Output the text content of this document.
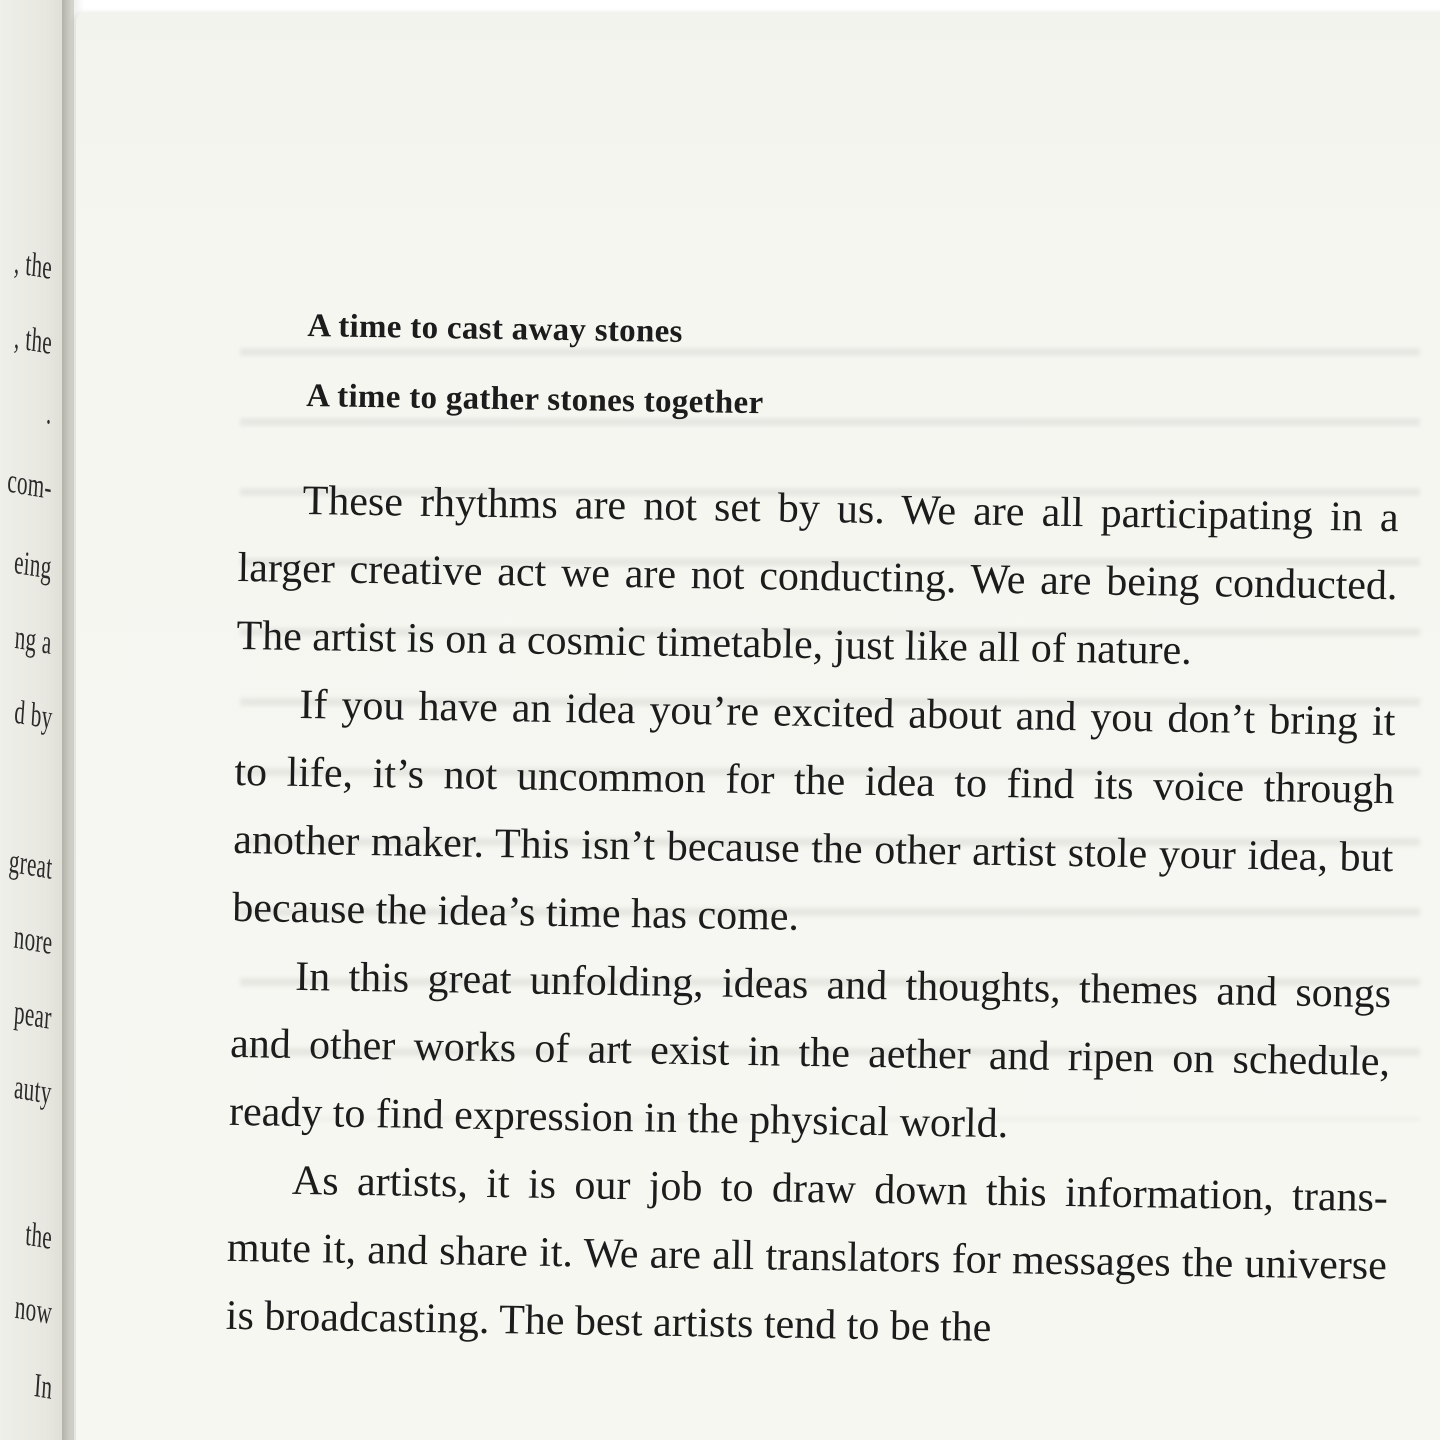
, the
, the
.
com-
eing
ng a
d by
great
nore
pear
auty
the
now
In
A time to cast away stones
A time to gather stones together

These rhythms are not set by us. We are all participating in a larger creative act we are not conducting. We are being conducted. The artist is on a cosmic timetable, just like all of nature.

If you have an idea you’re excited about and you don’t bring it to life, it’s not uncommon for the idea to find its voice through another maker. This isn’t because the other artist stole your idea, but because the idea’s time has come.

In this great unfolding, ideas and thoughts, themes and songs and other works of art exist in the aether and ripen on schedule, ready to find expression in the physical world.

As artists, it is our job to draw down this information, trans- mute it, and share it. We are all translators for messages the universe is broadcasting. The best artists tend to be the
